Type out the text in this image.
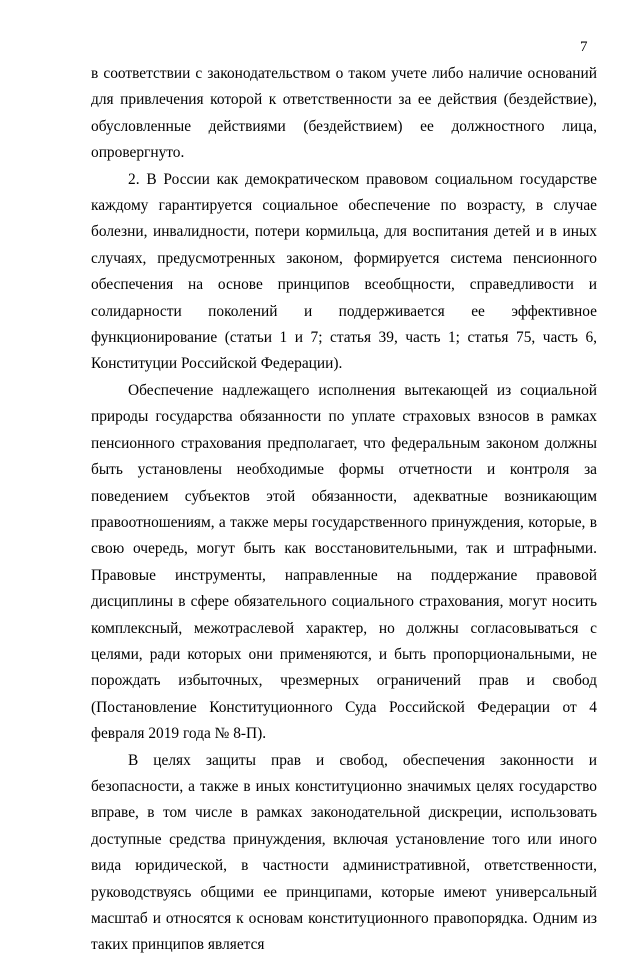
7

в соответствии с законодательством о таком учете либо наличие оснований для привлечения которой к ответственности за ее действия (бездействие), обусловленные действиями (бездействием) ее должностного лица, опровергнуто.

2. В России как демократическом правовом социальном государстве каждому гарантируется социальное обеспечение по возрасту, в случае болезни, инвалидности, потери кормильца, для воспитания детей и в иных случаях, предусмотренных законом, формируется система пенсионного обеспечения на основе принципов всеобщности, справедливости и солидарности поколений и поддерживается ее эффективное функционирование (статьи 1 и 7; статья 39, часть 1; статья 75, часть 6, Конституции Российской Федерации).

Обеспечение надлежащего исполнения вытекающей из социальной природы государства обязанности по уплате страховых взносов в рамках пенсионного страхования предполагает, что федеральным законом должны быть установлены необходимые формы отчетности и контроля за поведением субъектов этой обязанности, адекватные возникающим правоотношениям, а также меры государственного принуждения, которые, в свою очередь, могут быть как восстановительными, так и штрафными. Правовые инструменты, направленные на поддержание правовой дисциплины в сфере обязательного социального страхования, могут носить комплексный, межотраслевой характер, но должны согласовываться с целями, ради которых они применяются, и быть пропорциональными, не порождать избыточных, чрезмерных ограничений прав и свобод (Постановление Конституционного Суда Российской Федерации от 4 февраля 2019 года № 8-П).

В целях защиты прав и свобод, обеспечения законности и безопасности, а также в иных конституционно значимых целях государство вправе, в том числе в рамках законодательной дискреции, использовать доступные средства принуждения, включая установление того или иного вида юридической, в частности административной, ответственности, руководствуясь общими ее принципами, которые имеют универсальный масштаб и относятся к основам конституционного правопорядка. Одним из таких принципов является
